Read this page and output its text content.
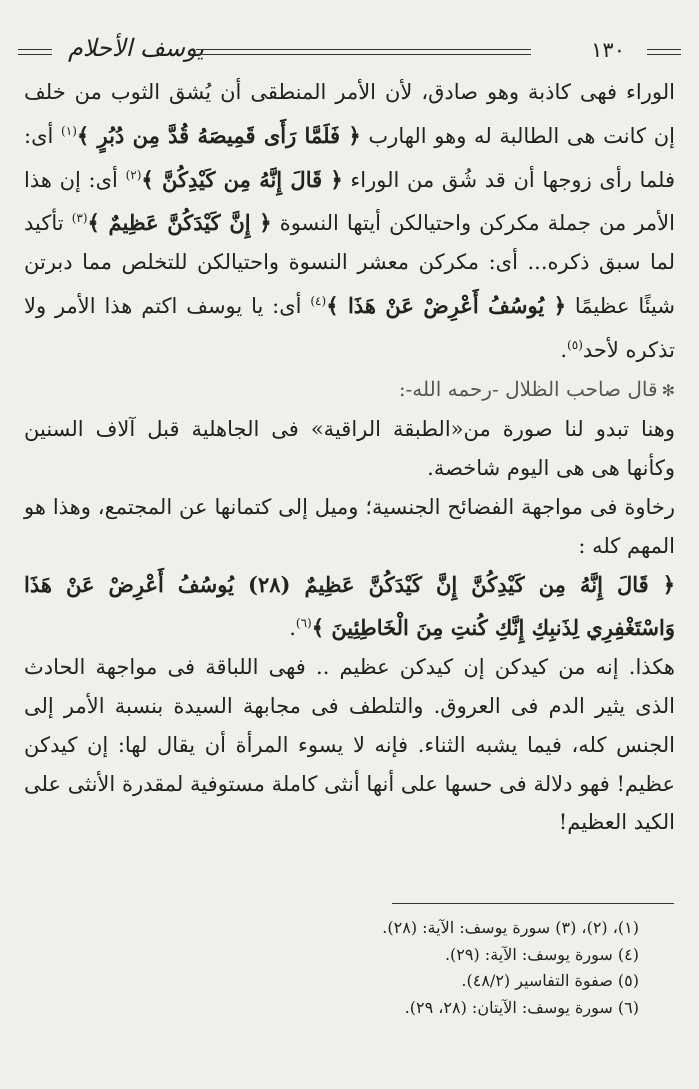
يوسف الأحلام	١٣٠

الوراء فهى كاذبة وهو صادق، لأن الأمر المنطقى أن يُشق الثوب من خلف إن كانت هى الطالبة له وهو الهارب ﴿ فَلَمَّا رَأَى قَمِيصَهُ قُدَّ مِن دُبُرٍ ﴾$^{(١)}$ أى: فلما رأى زوجها أن قد شُق من الوراء ﴿ قَالَ إِنَّهُ مِن كَيْدِكُنَّ ﴾$^{(٢)}$ أى: إن هذا الأمر من جملة مكركن واحتيالكن أيتها النسوة ﴿ إِنَّ كَيْدَكُنَّ عَظِيمٌ ﴾$^{(٣)}$ تأكيد لما سبق ذكره... أى: مكركن معشر النسوة واحتيالكن للتخلص مما دبرتن شيئًا عظيمًا ﴿ يُوسُفُ أَعْرِضْ عَنْ هَذَا ﴾$^{(٤)}$ أى: يا يوسف اكتم هذا الأمر ولا تذكره لأحد$^{(٥)}$.

✻قال صاحب الظلال -رحمه الله-:

وهنا تبدو لنا صورة من«الطبقة الراقية» فى الجاهلية قبل آلاف السنين وكأنها هى هى اليوم شاخصة.

رخاوة فى مواجهة الفضائح الجنسية؛ وميل إلى كتمانها عن المجتمع، وهذا هو المهم كله :

﴿ قَالَ إِنَّهُ مِن كَيْدِكُنَّ إِنَّ كَيْدَكُنَّ عَظِيمٌ (٢٨) يُوسُفُ أَعْرِضْ عَنْ هَذَا وَاسْتَغْفِرِي لِذَنبِكِ إِنَّكِ كُنتِ مِنَ الْخَاطِئِينَ ﴾$^{(٦)}$.

هكذا. إنه من كيدكن إن كيدكن عظيم .. فهى اللباقة فى مواجهة الحادث الذى يثير الدم فى العروق. والتلطف فى مجابهة السيدة بنسبة الأمر إلى الجنس كله، فيما يشبه الثناء. فإنه لا يسوء المرأة أن يقال لها: إن كيدكن عظيم! فهو دلالة فى حسها على أنها أنثى كاملة مستوفية لمقدرة الأنثى على الكيد العظيم!

(١)، (٢)، (٣) سورة يوسف: الآية: (٢٨).

(٤) سورة يوسف: الآية: (٢٩).

(٥) صفوة التفاسير (٤٨/٢).

(٦) سورة يوسف: الآيتان: (٢٨، ٢٩).
